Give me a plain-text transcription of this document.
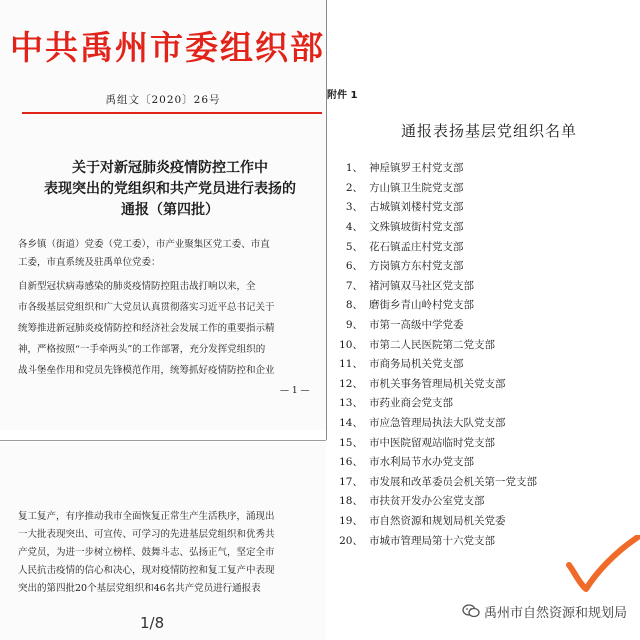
中共禹州市委组织部
禹组文〔2020〕26号
关于对新冠肺炎疫情防控工作中
表现突出的党组织和共产党员进行表扬的
通报（第四批）
各乡镇（街道）党委（党工委），市产业聚集区党工委、市直
工委，市直系统及驻禹单位党委：
自新型冠状病毒感染的肺炎疫情防控阻击战打响以来，全
市各级基层党组织和广大党员认真贯彻落实习近平总书记关于
统筹推进新冠肺炎疫情防控和经济社会发展工作的重要指示精
神，严格按照“一手牵两头”的工作部署，充分发挥党组织的
战斗堡垒作用和党员先锋模范作用，统筹抓好疫情防控和企业
— 1 —
复工复产，有序推动我市全面恢复正常生产生活秩序，涌现出
一大批表现突出、可宣传、可学习的先进基层党组织和优秀共
产党员，为进一步树立榜样、鼓舞斗志、弘扬正气，坚定全市
人民抗击疫情的信心和决心，现对疫情防控和复工复产中表现
突出的第四批20个基层党组织和46名共产党员进行通报表
1/8
附件 1
通报表扬基层党组织名单
1、 神垕镇罗王村党支部
2、 方山镇卫生院党支部
3、 古城镇刘楼村党支部
4、 文殊镇坡街村党支部
5、 花石镇孟庄村党支部
6、 方岗镇方东村党支部
7、 褚河镇双马社区党支部
8、 磨街乡青山岭村党支部
9、 市第一高级中学党委
10、 市第二人民医院第二党支部
11、 市商务局机关党支部
12、 市机关事务管理局机关党支部
13、 市药业商会党支部
14、 市应急管理局执法大队党支部
15、 市中医院留观站临时党支部
16、 市水利局节水办党支部
17、 市发展和改革委员会机关第一党支部
18、 市扶贫开发办公室党支部
19、 市自然资源和规划局机关党委
20、 市城市管理局第十六党支部
禹州市自然资源和规划局
